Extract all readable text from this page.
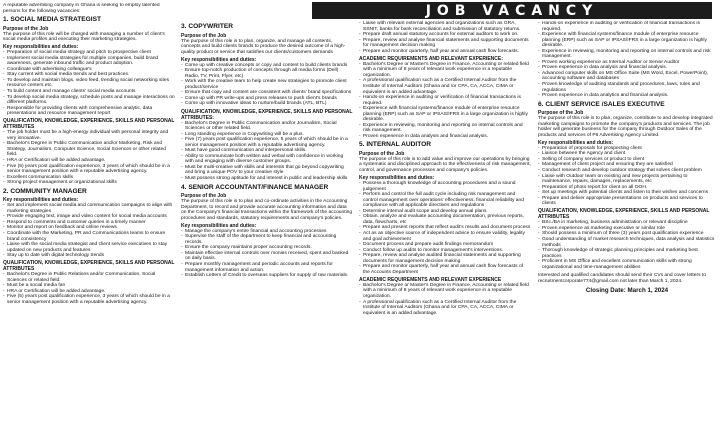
JOB VACANCY
A reputable advertising company in Ghana is seeking to employ talented persons for the following vacancies:
1. SOCIAL MEDIA STRATEGIST
Purpose of the Job
The purpose of this role will be charged with managing a number of client's social media profiles and executing their marketing strategies.
Key responsibilities and duties:
- Preparation of social media strategy and pitch to prospective client
- Implement social media strategies for multiple companies, build brand awareness, generate inbound traffic and product adoption.
- Coordinate with advertising colleague's
- Stay current with social media trends and best practices.
- To develop and maintain blogs, video feed, trending social networking sites resource centers etc.
- To build content and manage clients' social media accounts
- To develop social media strategy, schedule posts and manage interactions on different platforms.
- Responsible for providing clients with comprehensive analytic, data presentations and resource management report
QUALIFICATION, KNOWLEDGE, EXPERIENCE, SKILLS AND PERSONAL ATTRIBUTES
- The job holder must be a high-energy individual with personal integrity and very innovative.
- Bachelor's Degree in Public Communication and/or Marketing, Risk and Strategy, Journalism, Computer Science, Social Sciences or other related field.
- HRA or Certification will be added advantage.
- Five (5) years post qualification experience, 3 years of which should be in a senior management position with a reputable advertising agency.
- Excellent communication skills
- Strong project management or organizational skills
2. COMMUNITY MANAGER
Key responsibilities and duties:
- Set and implement social media and communication campaigns to align with marketing strategies
- Provide engaging text, image and video content for social media accounts
- Respond to comments and customer queries in a timely manner
- Monitor and report on feedback and online reviews
- Coordinate with the Marketing, PR and Communications teams to ensure brand consistency
- Liaise with the social media strategist and client service executives to stay updated on new products and features
- Stay up to date with digital technology trends
QUALIFICATION, KNOWLEDGE, EXPERIENCE, SKILLS AND PERSONAL ATTRIBUTES
- Bachelor's Degree in Public Relations and/or Communication, Social Sciences or related field.
- Must be a social media fan
- HRA or Certification will be added advantage.
- Five (5) years post qualification experience, 3 years of which should be in a senior management position with a reputable advertising agency.
3. COPYWRITER
Purpose of the Job
The purpose of this role is to plan, organize, and manage all contents, concepts and build clients brands to produce the desired outcome of a high-quality product or service that satisfies our clients/customers demands
Key responsibilities and duties:
- Come up with creative concepts or copy and content to build clients brands
- Ensure top-notch production of concepts through all media forms (Dell) Radio, TV, Print, Flyer, etc)
- Work with the creative team to help create new strategies to promote client product/service
- Ensure that copy and content are consistent with clients' brand specifications
- Come up with PR write-ups and press releases to push client's brands
- Come up with innovative ideas to nurture/build brands (ATL, BTL)
QUALIFICATION, KNOWLEDGE, EXPERIENCE, SKILLS AND PERSONAL ATTRIBUTES:
- Bachelor's Degree in Public Communication and/or Journalism, Social Sciences or other related field.
- Long standing experience in Copywriting will be a plus.
- Five (7) years post qualification experience, 5 years of which should be in a senior management position with a reputable advertising agency.
- Must have good communication and interpersonal skills.
- Ability to communicate both written and verbal with confidence in working with and engaging with diverse customer groups.
- Must be multi-creative with skills and interests that go beyond copywriting and bring a unique POV to your creative style
- Must possess strong aptitude for and interest in public and leadership skills
4. SENIOR ACCOUNTANT/FINANCE MANAGER
Purpose of the Job
The purpose of this role is to plan and co-ordinate activities in the Accounting Department, to record and provide accurate accounting information and data on the Company's financial transactions within the framework of the accounting procedures and standards, statutory requirements and company's policies.
Key responsibilities and duties:
- Manage the company's entire financial and accounting processes
- Supervise the staff of the department to keep financial and accounting records.
- Ensure the company maintains proper accounting records.
- Maintain effective internal controls over monies received, spent and banked on daily basis.
- Prepare monthly management and periodic accounts and reports for management information and action.
- Establish Letters of Credit to overseas suppliers for supply of raw materials.
- Liaise with relevant external agencies and organizations such as GRA, SSNIT, banks for bank reconciliation and submission of statutory returns.
- Prepare draft annual statutory accounts for external auditors to work on.
- Prepare, review and analyse financial statements and supporting documents for management decision making
- Prepare and monitor quarterly, half year and annual cash flow forecasts.
ACADEMIC REQUIREMENTS AND RELEVANT EXPERIENCE:
- Bachelor's Degree or Master's Degree in Finance, Accounting or related field with a minimum of 8 years of relevant work experience in a reputable organization.
- A professional qualification such as a Certified Internal Auditor from the Institute of Internal Auditors (Ghana and /or CPA, CA, ACCA, CIMA or equivalent is an added advantage.
- Hands-on experience in auditing or verification of financial transactions is required.
- Experience with financial systems/finance module of enterprise resource planning (ERP) such as SAP or IPSAS/IFRS in a large organization is highly desirable.
- Experience in reviewing, monitoring and reporting on internal controls and risk management.
- Proven experience in data analysis and financial analysis.
5. INTERNAL AUDITOR
Purpose of the Job
The purpose of this role is to add value and improve our operations by bringing a systematic and disciplined approach to the effectiveness of risk management, control, and governance processes and company's policies.
Key responsibilities and duties:
- Possess a thorough knowledge of accounting procedures and a sound judgement
- Perform and control the full audit cycle including risk management and control management over operations' effectiveness, financial reliability and compliance with all applicable directives and regulations
- Determine internal audit scope and develop annual plans
- Obtain, analyze and evaluate accounting documentation, previous reports, data, flowcharts, etc
- Prepare and present reports that reflect audit's results and document process
- Act as an objective source of independent advice to ensure validity, legality and goal achievement
- Document process and prepare audit findings memorandum
- Conduct follow up audits to monitor management's interventions.
- Prepare, review and analyse audited financial statements and supporting documents for management decision making
- Prepare and monitor quarterly, half year and annual cash flow forecasts of the Accounts Department
ACADEMIC REQUIREMENTS AND RELEVANT EXPERIENCE
- Bachelor's Degree or Master's Degree in Finance, Accounting or related field with a minimum of 8 years of relevant work experience in a reputable organization.
- A professional qualification such as a Certified Internal Auditor from the Institute of Internal Auditors (Ghana and /or CPA, CA, ACCA, CIMA or equivalent is an added advantage.
- Hands-on experience in auditing or verification of financial transactions is required.
- Experience with financial systems/finance module of enterprise resource planning (ERP) such as SAP or IPSAS/IFRS in a large organization is highly desirable.
- Experience in reviewing, monitoring and reporting on internal controls and risk management.
- Proven working experience as Internal Auditor or Senior Auditor
- Proven experience in data analysis and financial analysis.
- Advanced computer skills on MS Office Suite (MS Word, Excel, PowerPoint), accounting software and databases
- Proven knowledge of auditing standards and procedures, laws, rules and regulations
- Proven experience in data analytics and financial analysis.
6. CLIENT SERVICE /SALES EXECUTIVE
Purpose of the Job
The purpose of this role is to plan, organize, contribute to and develop integrated marketing campaigns to promote the company's products and services. The job holder will generate business for the company through Outdoor Sales of the products and services of P6 Advertising Agency Limited.
Key responsibilities and duties:
- Preparation of proposals for prospecting client
- Liaison between the Agency and client
- Selling of company services or product to client
- Management of client project and ensuring they are satisfied
- Conduct research and develop outdoor strategy that solves client problem
- Liaise with Outdoor team on existing and new projects pertaining to maintenance, repairs, damages, replacements, etc
- Preparation of photo report for client on all OOH.
- Set up meetings with potential clients and listen to their wishes and concerns
- Prepare and deliver appropriate presentations on products and services to clients
QUALIFICATION, KNOWLEDGE, EXPERIENCE, SKILLS AND PERSONAL ATTRIBUTES
- BSc./BA in marketing, business administration or relevant discipline
- Proven experience as marketing executive or similar role
- Should possess a minimum of three (3) years post qualification experience
- Good understanding of market research techniques, data analysis and statistics methods
- Thorough knowledge of strategic planning principles and marketing best practices
- Proficient in MS Office and excellent communication skills with strong organizational and time-management abilities
Interested and qualified candidates should send their CVs and cover letters to recruitmentcorporate774@gmail.com not later than March 1, 2024.
Closing Date: March 1, 2024
